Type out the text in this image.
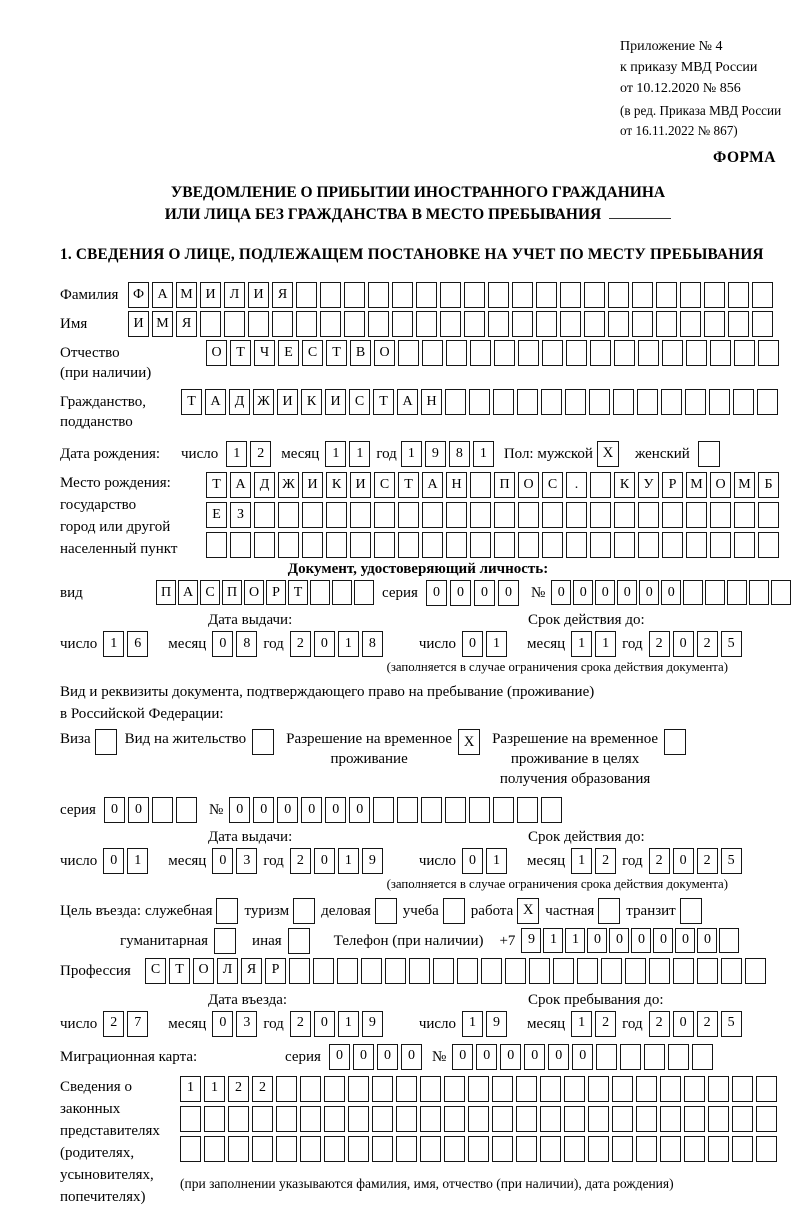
Приложение № 4
к приказу МВД России
от 10.12.2020 № 856
(в ред. Приказа МВД России
от 16.11.2022 № 867)
ФОРМА
УВЕДОМЛЕНИЕ О ПРИБЫТИИ ИНОСТРАННОГО ГРАЖДАНИНА
ИЛИ ЛИЦА БЕЗ ГРАЖДАНСТВА В МЕСТО ПРЕБЫВАНИЯ
1. СВЕДЕНИЯ О ЛИЦЕ, ПОДЛЕЖАЩЕМ ПОСТАНОВКЕ НА УЧЕТ ПО МЕСТУ ПРЕБЫВАНИЯ
Фамилия	Ф А М И	Л	И	Я
Имя	И М Я
Отчество
(при наличии)
О	Т	Ч	Е	С	Т	В	О
Гражданство,
подданство
Т	А	Д Ж И	К	И	С	Т	А Н
Дата рождения:	число	1	2	месяц 1	1 год 1	9	8	1	Пол: мужской X	женский
Место рождения:
государство
город или другой
населенный пункт
Т	А	Д Ж И	К	И	С	Т	А Н	П О	С	.	К	У	Р М О М Б
Е	З
Документ, удостоверяющий личность:
вид	П А С П О Р Т	серия	0	0	0	0	№ 0	0	0	0	0	0
Дата выдачи:	Срок действия до:
число 1	6	месяц 0	8 год 2	0	1	8	число 0	1	месяц 1	1 год 2	0	2	5
(заполняется в случае ограничения срока действия документа)
Вид и реквизиты документа, подтверждающего право на пребывание (проживание)
в Российской Федерации:
Виза Вид на жительство	Разрешение на временное
проживание
X	Разрешение на временное
проживание в целях
получения образования
серия	0	0	№ 0	0	0	0	0	0
Дата выдачи:	Срок действия до:
число 0	1	месяц 0	3 год 2	0	1	9	число 0	1	месяц 1	2 год 2	0	2	5
(заполняется в случае ограничения срока действия документа)
Цель въезда: служебная туризм деловая учеба работа X частная транзит
гуманитарная	иная	Телефон (при наличии) +7 9	1	1	0	0	0	0	0	0
Профессия	С	Т	О	Л	Я	Р
Дата въезда:	Срок пребывания до:
число 2	7	месяц 0	3 год 2	0	1	9	число 1	9	месяц 1	2 год 2	0	2	5
Миграционная карта:	серия	0	0	0	0	№ 0	0	0	0	0	0
Сведения о
законных
представителях
(родителях,
усыновителях,
попечителях)
1	1	2	2
(при заполнении указываются фамилия, имя, отчество (при наличии), дата рождения)
